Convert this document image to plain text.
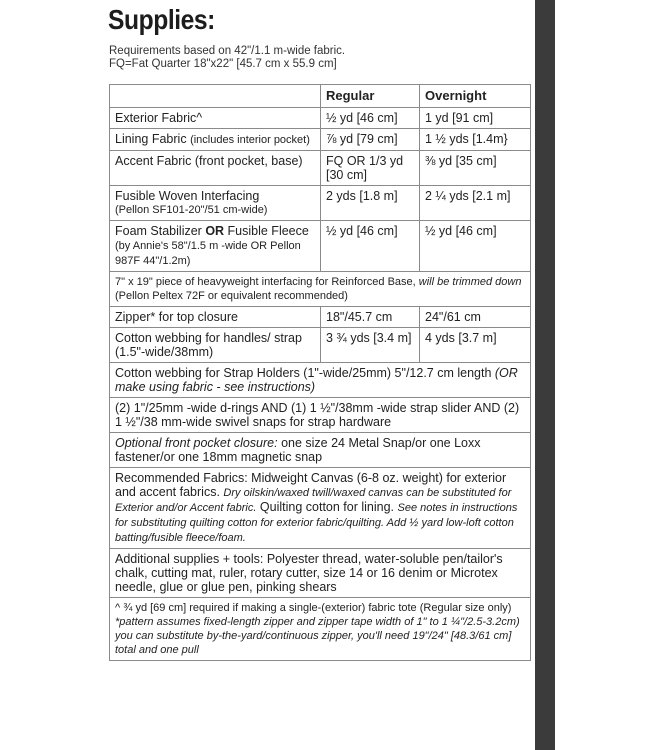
Supplies:
Requirements based on 42"/1.1 m-wide fabric.
FQ=Fat Quarter 18"x22" [45.7 cm x 55.9 cm]
	Regular	Overnight
Exterior Fabric^	½ yd [46 cm]	1 yd [91 cm]
Lining Fabric (includes interior pocket)	⅞ yd [79 cm]	1 ½ yds [1.4m}
Accent Fabric (front pocket, base)	FQ OR 1/3 yd [30 cm]	⅜ yd [35 cm]

Fusible Woven Interfacing
(Pellon SF101-20"/51 cm-wide)	2 yds [1.8 m]	2 ¼ yds [2.1 m]
Foam Stabilizer OR Fusible Fleece (by Annie's 58"/1.5 m -wide OR Pellon 987F 44"/1.2m)	½ yd [46 cm]	½ yd [46 cm]
7" x 19" piece of heavyweight interfacing for Reinforced Base, will be trimmed down (Pellon Peltex 72F or equivalent recommended)		
Zipper* for top closure	18"/45.7 cm	24"/61 cm
Cotton webbing for handles/ strap (1.5"-wide/38mm)	3 ¾ yds [3.4 m]	4 yds [3.7 m]
Cotton webbing for Strap Holders (1"-wide/25mm) 5"/12.7 cm length (OR make using fabric - see instructions)		
(2) 1"/25mm -wide d-rings AND (1) 1 ½"/38mm -wide strap slider AND (2) 1 ½"/38 mm-wide swivel snaps for strap hardware		
Optional front pocket closure: one size 24 Metal Snap/or one Loxx fastener/or one 18mm magnetic snap		
Recommended Fabrics: Midweight Canvas (6-8 oz. weight) for exterior and accent fabrics. Dry oilskin/waxed twill/waxed canvas can be substituted for Exterior and/or Accent fabric. Quilting cotton for lining. See notes in instructions for substituting quilting cotton for exterior fabric/quilting. Add ½ yard low-loft cotton batting/fusible fleece/foam.		
Additional supplies + tools: Polyester thread, water-soluble pen/tailor's chalk, cutting mat, ruler, rotary cutter, size 14 or 16 denim or Microtex needle, glue or glue pen, pinking shears		

^ ¾ yd [69 cm] required if making a single-(exterior) fabric tote (Regular size only)
*pattern assumes fixed-length zipper and zipper tape width of 1" to 1 ¼"/2.5-3.2cm) you can substitute by-the-yard/continuous zipper, you'll need 19"/24" [48.3/61 cm] total and one pull		
